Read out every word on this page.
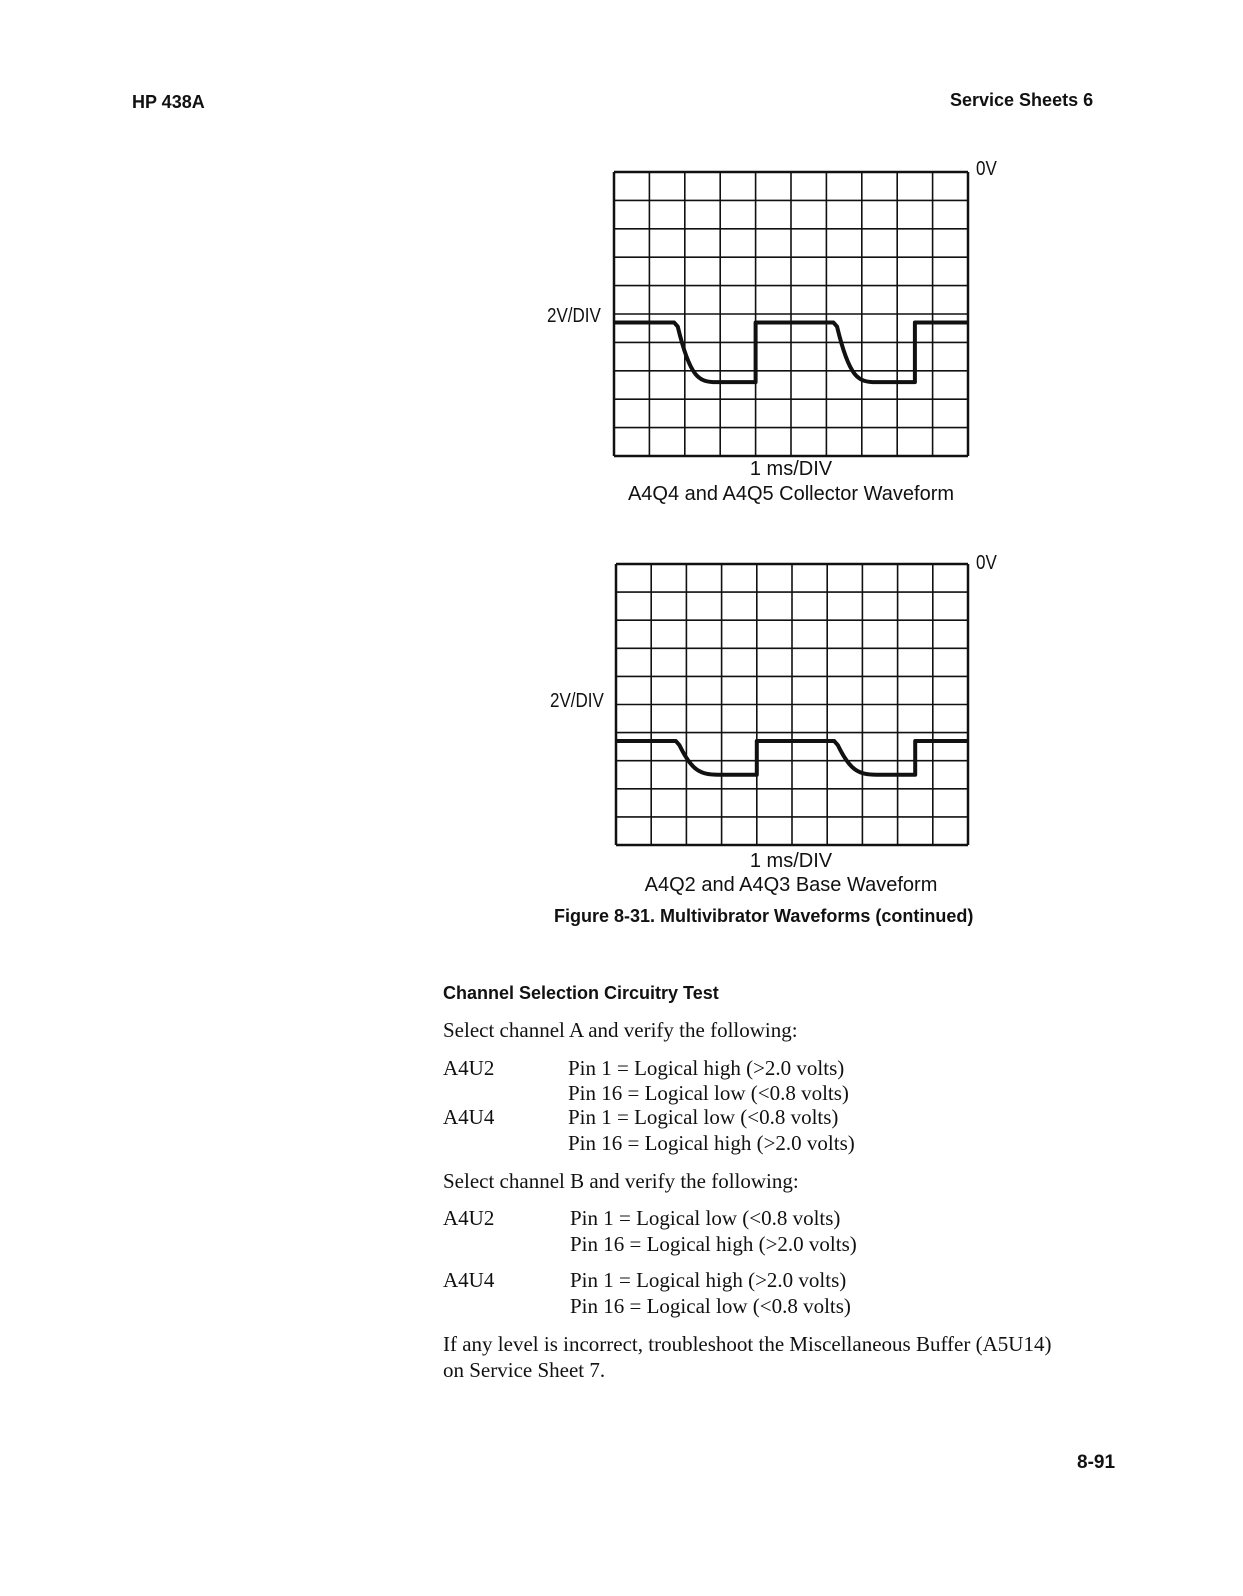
HP 438A	Service Sheets 6
0V
2V/DIV
1 ms/DIV
A4Q4 and A4Q5 Collector Waveform
0V
2V/DIV
1 ms/DIV
A4Q2 and A4Q3 Base Waveform
Figure 8-31. Multivibrator Waveforms (continued)
Channel Selection Circuitry Test
Select channel A and verify the following:
A4U2	Pin 1 = Logical high (>2.0 volts)
Pin 16 = Logical low (<0.8 volts)
A4U4	Pin 1 = Logical low (<0.8 volts)
Pin 16 = Logical high (>2.0 volts)
Select channel B and verify the following:
A4U2	Pin 1 = Logical low (<0.8 volts)
Pin 16 = Logical high (>2.0 volts)
A4U4	Pin 1 = Logical high (>2.0 volts)
Pin 16 = Logical low (<0.8 volts)
If any level is incorrect, troubleshoot the Miscellaneous Buffer (A5U14)
on Service Sheet 7.
8-91
